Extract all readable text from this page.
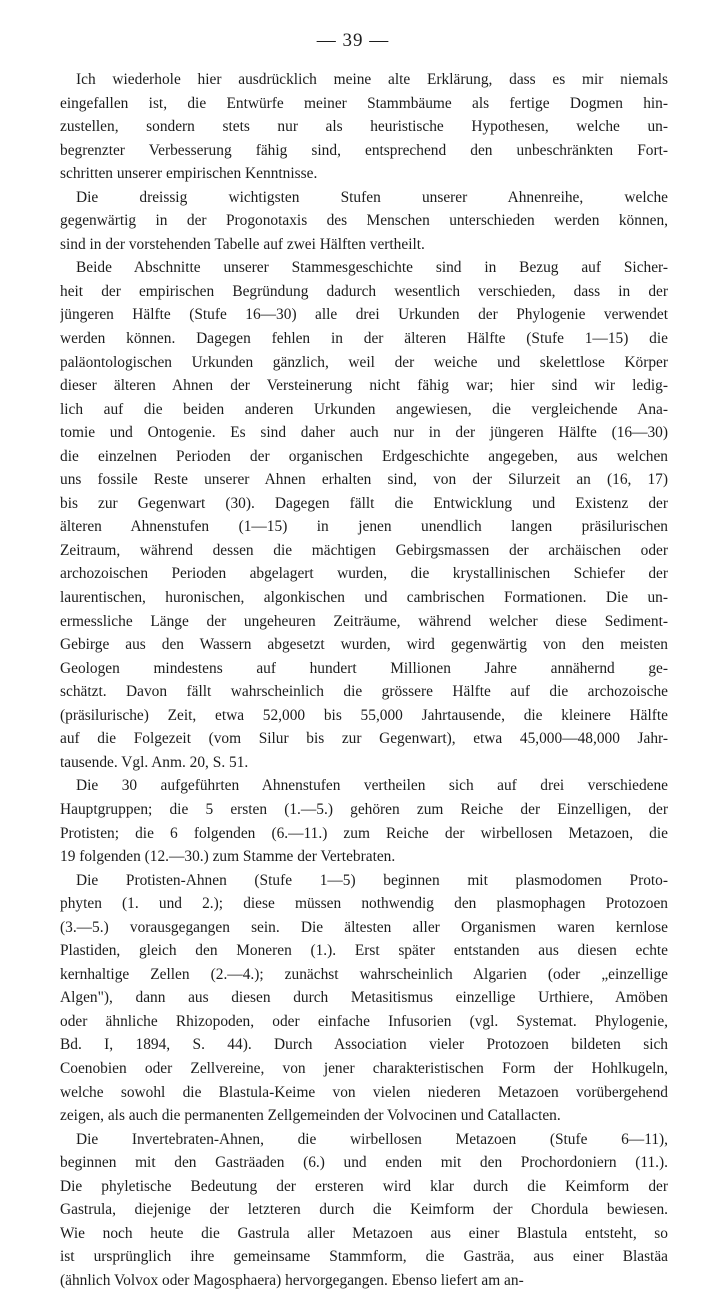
— 39 —
Ich wiederhole hier ausdrücklich meine alte Erklärung, dass es mir niemals
eingefallen ist, die Entwürfe meiner Stammbäume als fertige Dogmen hin-
zustellen, sondern stets nur als heuristische Hypothesen, welche un-
begrenzter Verbesserung fähig sind, entsprechend den unbeschränkten Fort-
schritten unserer empirischen Kenntnisse.
Die dreissig wichtigsten Stufen unserer Ahnenreihe, welche
gegenwärtig in der Progonotaxis des Menschen unterschieden werden können,
sind in der vorstehenden Tabelle auf zwei Hälften vertheilt.
Beide Abschnitte unserer Stammesgeschichte sind in Bezug auf Sicher-
heit der empirischen Begründung dadurch wesentlich verschieden, dass in der
jüngeren Hälfte (Stufe 16—30) alle drei Urkunden der Phylogenie verwendet
werden können. Dagegen fehlen in der älteren Hälfte (Stufe 1—15) die
paläontologischen Urkunden gänzlich, weil der weiche und skelettlose Körper
dieser älteren Ahnen der Versteinerung nicht fähig war; hier sind wir ledig-
lich auf die beiden anderen Urkunden angewiesen, die vergleichende Ana-
tomie und Ontogenie. Es sind daher auch nur in der jüngeren Hälfte (16—30)
die einzelnen Perioden der organischen Erdgeschichte angegeben, aus welchen
uns fossile Reste unserer Ahnen erhalten sind, von der Silurzeit an (16, 17)
bis zur Gegenwart (30). Dagegen fällt die Entwicklung und Existenz der
älteren Ahnenstufen (1—15) in jenen unendlich langen präsilurischen
Zeitraum, während dessen die mächtigen Gebirgsmassen der archäischen oder
archozoischen Perioden abgelagert wurden, die krystallinischen Schiefer der
laurentischen, huronischen, algonkischen und cambrischen Formationen. Die un-
ermessliche Länge der ungeheuren Zeiträume, während welcher diese Sediment-
Gebirge aus den Wassern abgesetzt wurden, wird gegenwärtig von den meisten
Geologen mindestens auf hundert Millionen Jahre annähernd ge-
schätzt. Davon fällt wahrscheinlich die grössere Hälfte auf die archozoische
(präsilurische) Zeit, etwa 52,000 bis 55,000 Jahrtausende, die kleinere Hälfte
auf die Folgezeit (vom Silur bis zur Gegenwart), etwa 45,000—48,000 Jahr-
tausende. Vgl. Anm. 20, S. 51.
Die 30 aufgeführten Ahnenstufen vertheilen sich auf drei verschiedene
Hauptgruppen; die 5 ersten (1.—5.) gehören zum Reiche der Einzelligen, der
Protisten; die 6 folgenden (6.—11.) zum Reiche der wirbellosen Metazoen, die
19 folgenden (12.—30.) zum Stamme der Vertebraten.
Die Protisten-Ahnen (Stufe 1—5) beginnen mit plasmodomen Proto-
phyten (1. und 2.); diese müssen nothwendig den plasmophagen Protozoen
(3.—5.) vorausgegangen sein. Die ältesten aller Organismen waren kernlose
Plastiden, gleich den Moneren (1.). Erst später entstanden aus diesen echte
kernhaltige Zellen (2.—4.); zunächst wahrscheinlich Algarien (oder „einzellige
Algen"), dann aus diesen durch Metasitismus einzellige Urthiere, Amöben
oder ähnliche Rhizopoden, oder einfache Infusorien (vgl. Systemat. Phylogenie,
Bd. I, 1894, S. 44). Durch Association vieler Protozoen bildeten sich
Coenobien oder Zellvereine, von jener charakteristischen Form der Hohlkugeln,
welche sowohl die Blastula-Keime von vielen niederen Metazoen vorübergehend
zeigen, als auch die permanenten Zellgemeinden der Volvocinen und Catallacten.
Die Invertebraten-Ahnen, die wirbellosen Metazoen (Stufe 6—11),
beginnen mit den Gasträaden (6.) und enden mit den Prochordoniern (11.).
Die phyletische Bedeutung der ersteren wird klar durch die Keimform der
Gastrula, diejenige der letzteren durch die Keimform der Chordula bewiesen.
Wie noch heute die Gastrula aller Metazoen aus einer Blastula entsteht, so
ist ursprünglich ihre gemeinsame Stammform, die Gasträa, aus einer Blastäa
(ähnlich Volvox oder Magosphaera) hervorgegangen. Ebenso liefert am an-
